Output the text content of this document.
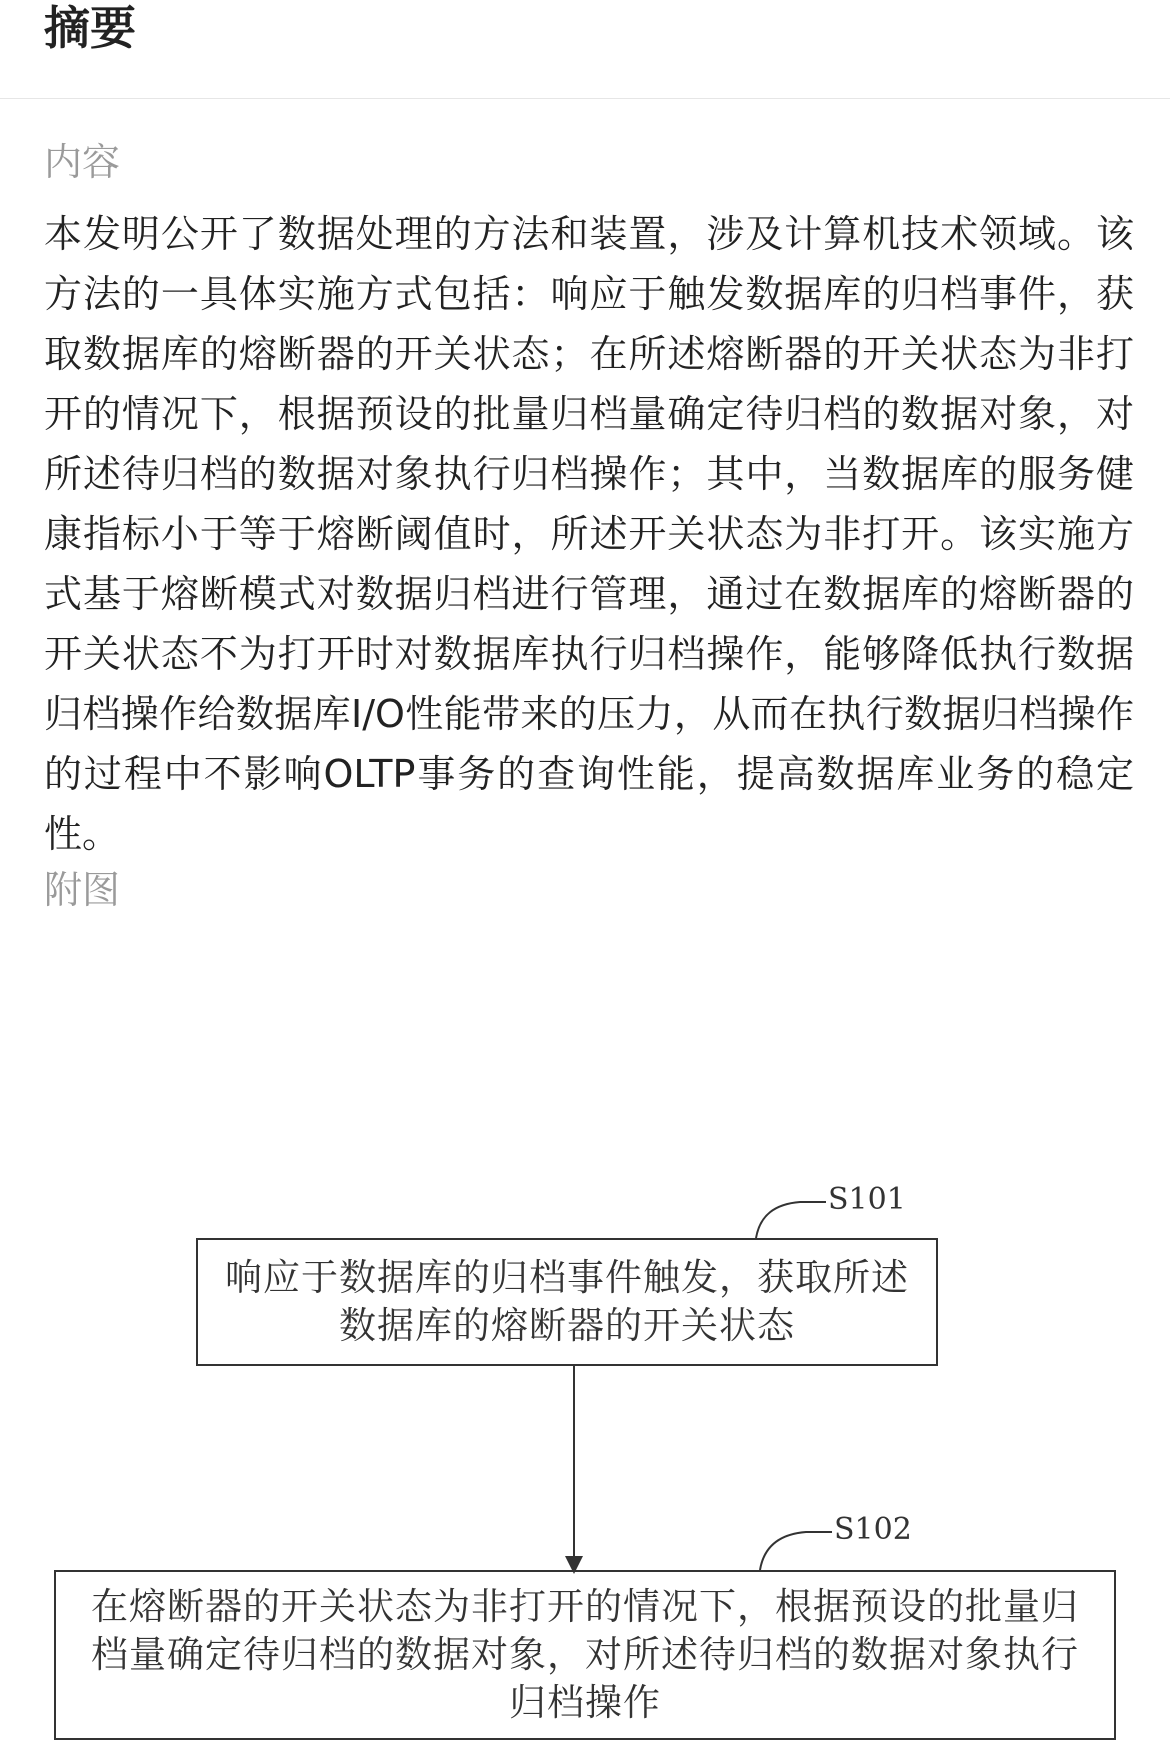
摘要
内容
本发明公开了数据处理的方法和装置，涉及计算机技术领域。该方法的一具体实施方式包括：响应于触发数据库的归档事件，获取数据库的熔断器的开关状态；在所述熔断器的开关状态为非打开的情况下，根据预设的批量归档量确定待归档的数据对象，对所述待归档的数据对象执行归档操作；其中，当数据库的服务健康指标小于等于熔断阈值时，所述开关状态为非打开。该实施方式基于熔断模式对数据归档进行管理，通过在数据库的熔断器的开关状态不为打开时对数据库执行归档操作，能够降低执行数据归档操作给数据库I/O性能带来的压力，从而在执行数据归档操作的过程中不影响OLTP事务的查询性能，提高数据库业务的稳定性。
附图
S101
响应于数据库的归档事件触发，获取所述数据库的熔断器的开关状态
S102
在熔断器的开关状态为非打开的情况下，根据预设的批量归档量确定待归档的数据对象，对所述待归档的数据对象执行归档操作
